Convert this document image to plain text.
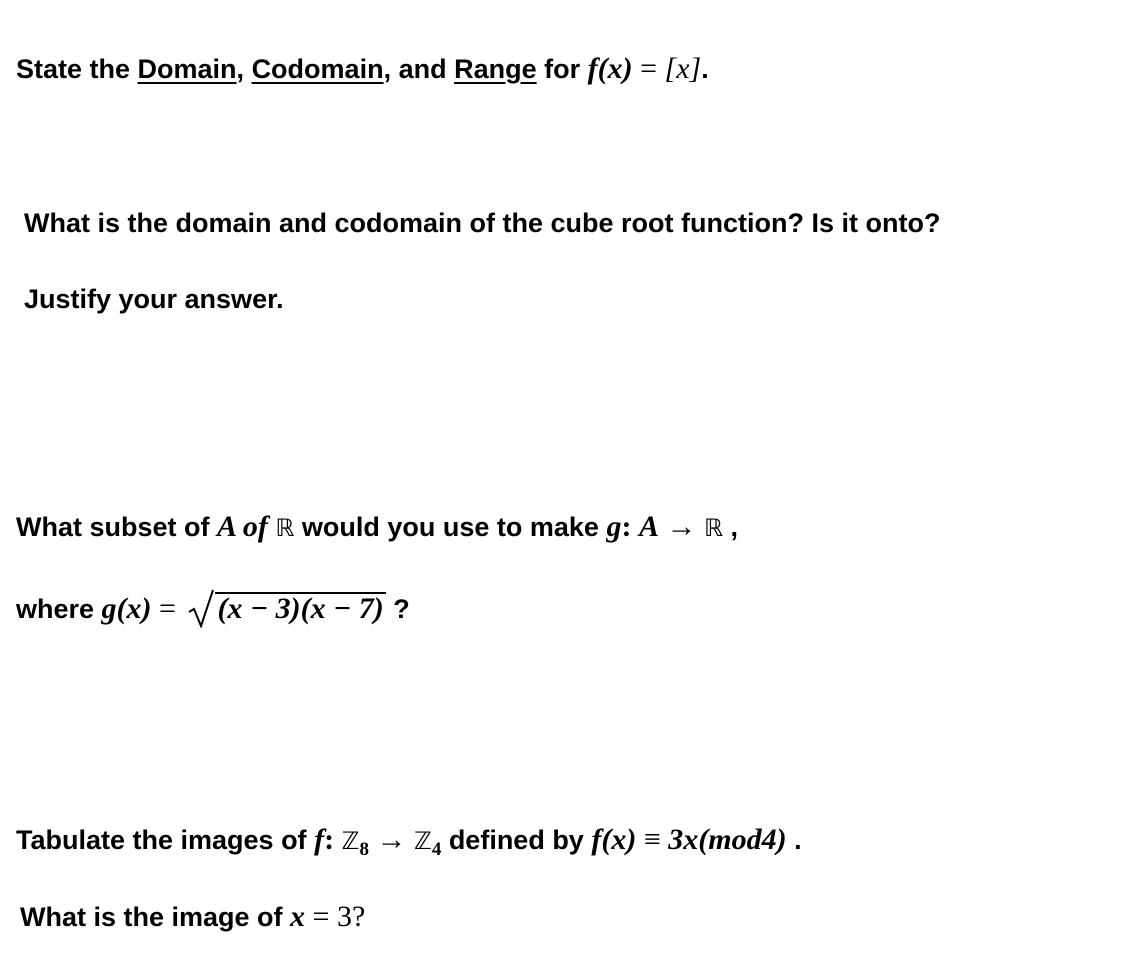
State the Domain, Codomain, and Range for f(x) = [x].
What is the domain and codomain of the cube root function? Is it onto?
Justify your answer.
What subset of A of ℝ would you use to make g: A → ℝ ,
where g(x) =
(x − 3)(x − 7) ?
Tabulate the images of f: ℤ$_8$ → ℤ$_4$ defined by f(x) ≡ 3x(mod4) .
What is the image of x = 3?
